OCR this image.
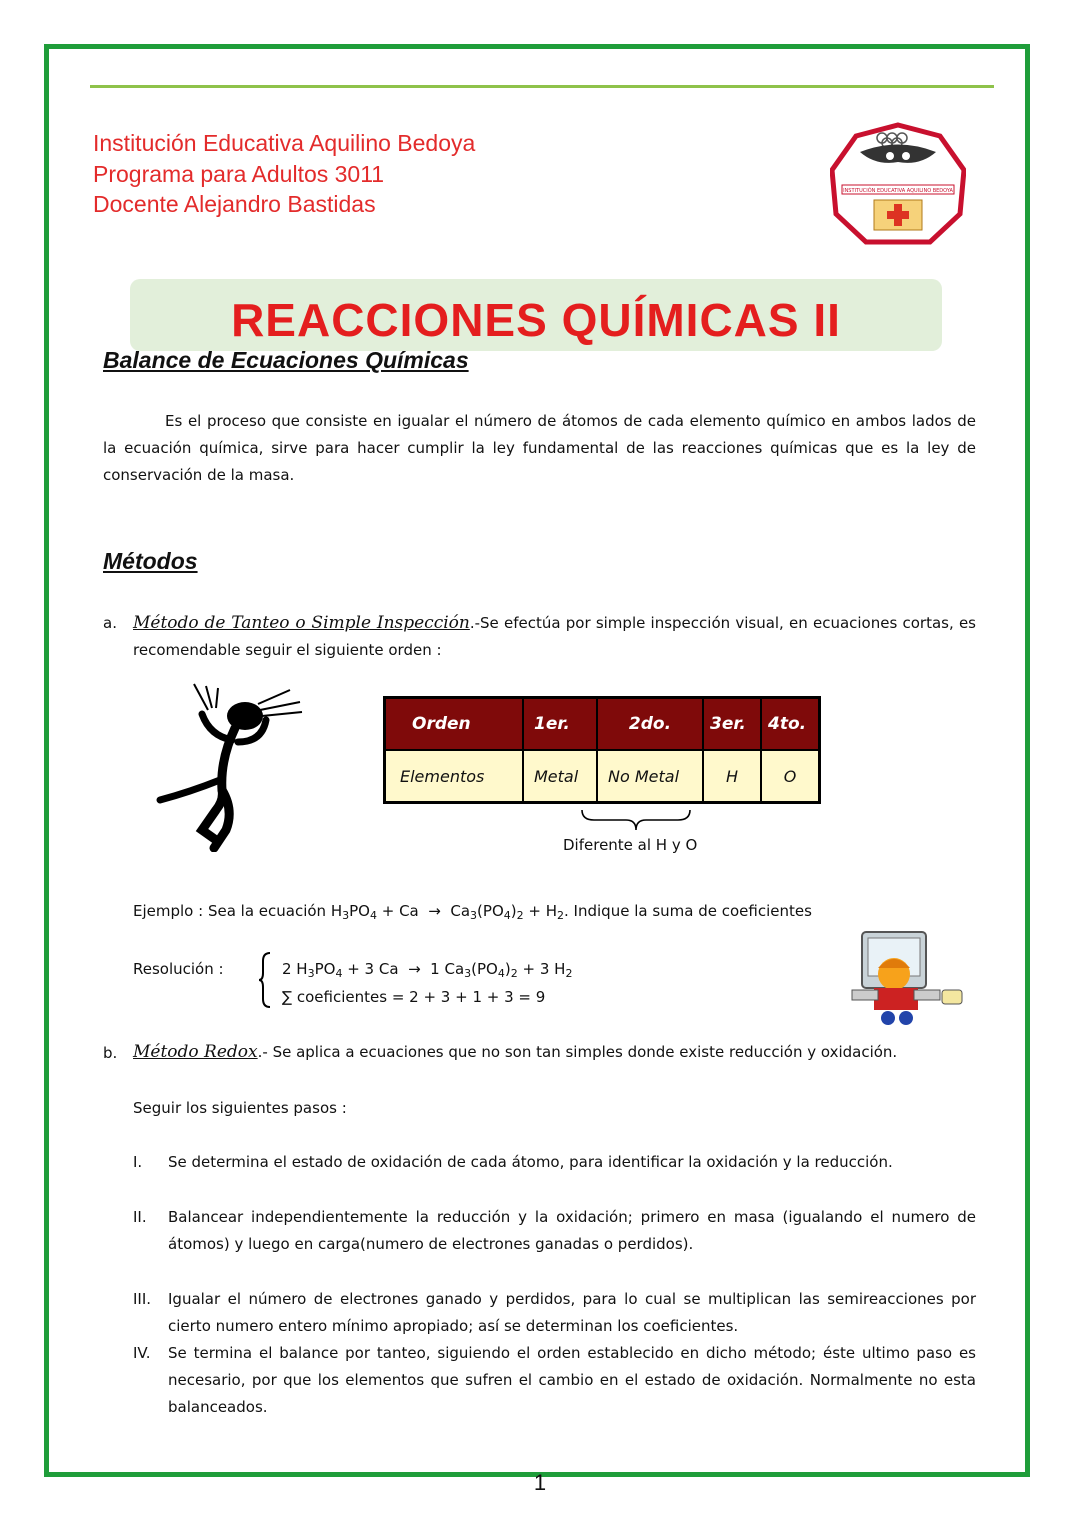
Institución Educativa Aquilino Bedoya
Programa para Adultos 3011
Docente Alejandro Bastidas	INSTITUCIÓN EDUCATIVA AQUILINO BEDOYA
REACCIONES QUÍMICAS II
Balance de Ecuaciones Químicas
Es el proceso que consiste en igualar el número de átomos de cada elemento químico en ambos lados de la ecuación química, sirve para hacer cumplir la ley fundamental de las reacciones químicas que es la ley de conservación de la masa.
Métodos
a. Método de Tanteo o Simple Inspección.-Se efectúa por simple inspección visual, en ecuaciones cortas, es recomendable seguir el siguiente orden :
Orden	1er.	2do.	3er.	4to.
Elementos	Metal	No Metal	H	O
Diferente al H y O
Ejemplo : Sea la ecuación $H_3PO_4 + Ca \to Ca_3(PO_4)_2 + H_2$. Indique la suma de coeficientes
Resolución :	2 $H_3PO_4 + 3$ Ca  →  1 $Ca_3(PO_4)_2 + 3$ $H_2$
∑ coeficientes = 2 + 3 + 1 + 3 = 9
b. Método Redox.- Se aplica a ecuaciones que no son tan simples donde existe reducción y oxidación.
Seguir los siguientes pasos :
I. Se determina el estado de oxidación de cada átomo, para identificar la oxidación y la reducción.
II. Balancear independientemente la reducción y la oxidación; primero en masa (igualando el numero de átomos) y luego en carga(numero de electrones ganadas o perdidos).
III. Igualar el número de electrones ganado y perdidos, para lo cual se multiplican las semireacciones por cierto numero entero mínimo apropiado; así se determinan los coeficientes.
IV. Se termina el balance por tanteo, siguiendo el orden establecido en dicho método; éste ultimo paso es necesario, por que los elementos que sufren el cambio en el estado de oxidación. Normalmente no esta balanceados.
1
